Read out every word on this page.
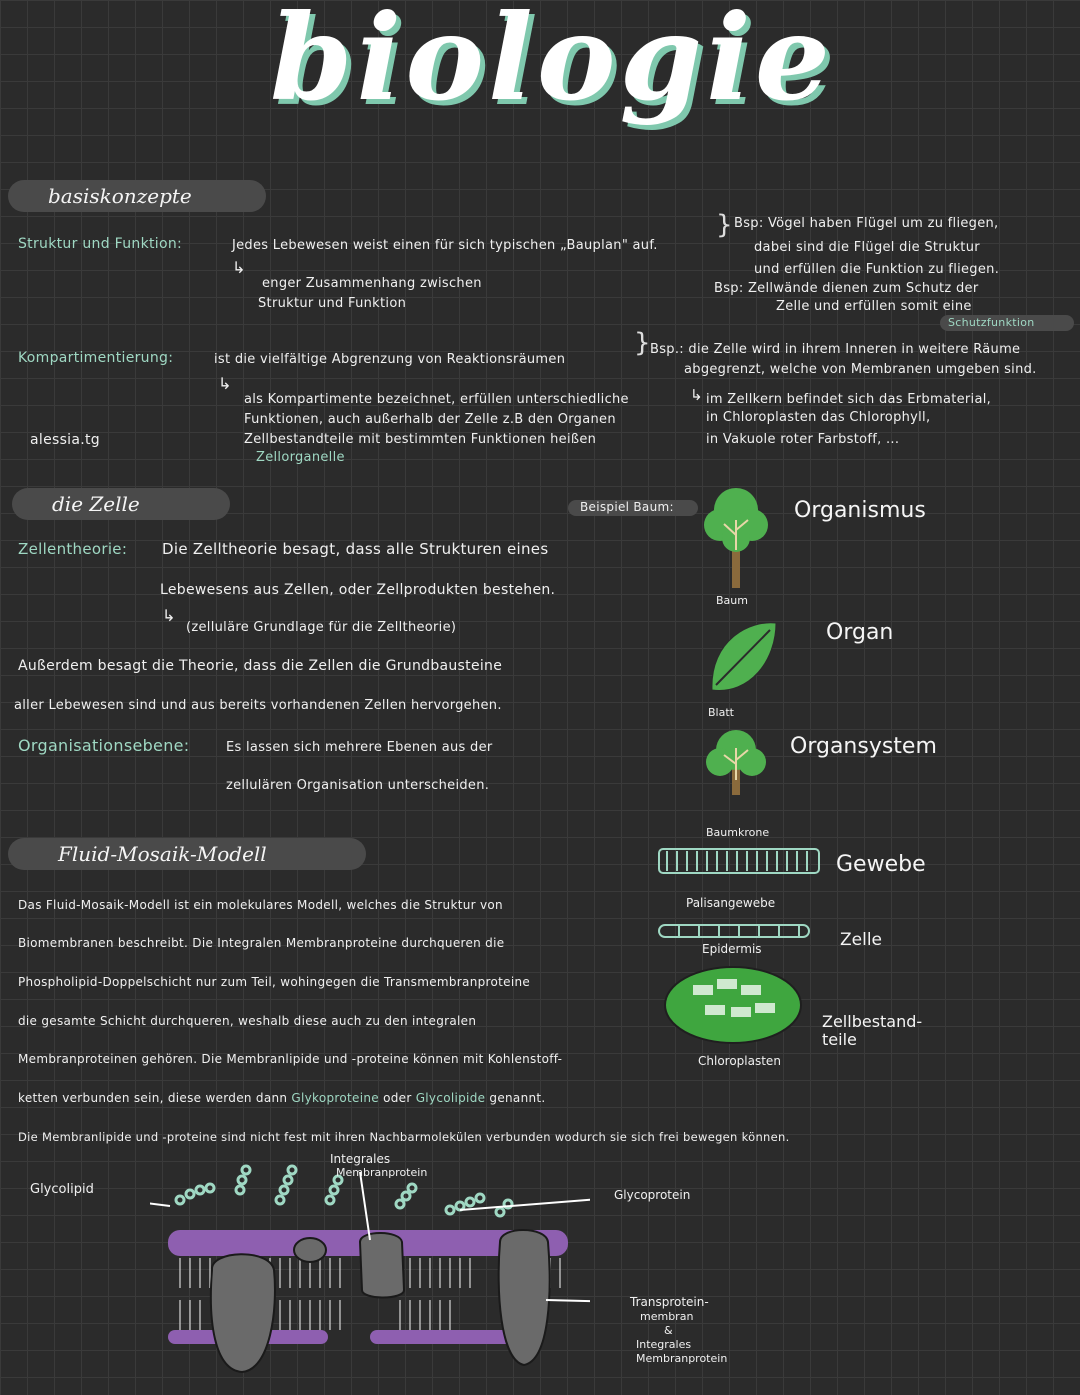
biologie
basiskonzepte
Struktur und Funktion:	Jedes Lebewesen weist einen für sich typischen „Bauplan" auf.
↳
enger Zusammenhang zwischen
Struktur und Funktion
} Bsp: Vögel haben Flügel um zu fliegen,
dabei sind die Flügel die Struktur
und erfüllen die Funktion zu fliegen.
Bsp: Zellwände dienen zum Schutz der
Zelle und erfüllen somit eine
Schutzfunktion
Kompartimentierung:	ist die vielfältige Abgrenzung von Reaktionsräumen
}
↳
als Kompartimente bezeichnet, erfüllen unterschiedliche
Funktionen, auch außerhalb der Zelle z.B den Organen
Zellbestandteile mit bestimmten Funktionen heißen
Zellorganelle
Bsp.: die Zelle wird in ihrem Inneren in weitere Räume
abgegrenzt, welche von Membranen umgeben sind.
↳ im Zellkern befindet sich das Erbmaterial,
in Chloroplasten das Chlorophyll,
in Vakuole roter Farbstoff, ...
alessia.tg
die Zelle	Beispiel Baum:
Zellentheorie: Die Zelltheorie besagt, dass alle Strukturen eines
Lebewesens aus Zellen, oder Zellprodukten bestehen.
↳
(zelluläre Grundlage für die Zelltheorie)
Außerdem besagt die Theorie, dass die Zellen die Grundbausteine
aller Lebewesen sind und aus bereits vorhandenen Zellen hervorgehen.
Organisationsebene:	Es lassen sich mehrere Ebenen aus der
zellulären Organisation unterscheiden.
Organismus
Organ
Organsystem
Gewebe
Zelle
Zellbestand-
teile
Baum
Blatt
Baumkrone
Palisangewebe
Epidermis
Chloroplasten
Fluid-Mosaik-Modell
Das Fluid-Mosaik-Modell ist ein molekulares Modell, welches die Struktur von
Biomembranen beschreibt. Die Integralen Membranproteine durchqueren die
Phospholipid-Doppelschicht nur zum Teil, wohingegen die Transmembranproteine
die gesamte Schicht durchqueren, weshalb diese auch zu den integralen
Membranproteinen gehören. Die Membranlipide und -proteine können mit Kohlenstoff-
ketten verbunden sein, diese werden dann Glykoproteine oder Glycolipide genannt.
Die Membranlipide und -proteine sind nicht fest mit ihren Nachbarmolekülen verbunden wodurch sie sich frei bewegen können.
Glycolipid
Integrales
Membranprotein
Glycoprotein
Transprotein-
membran
&
Integrales
Membranprotein
